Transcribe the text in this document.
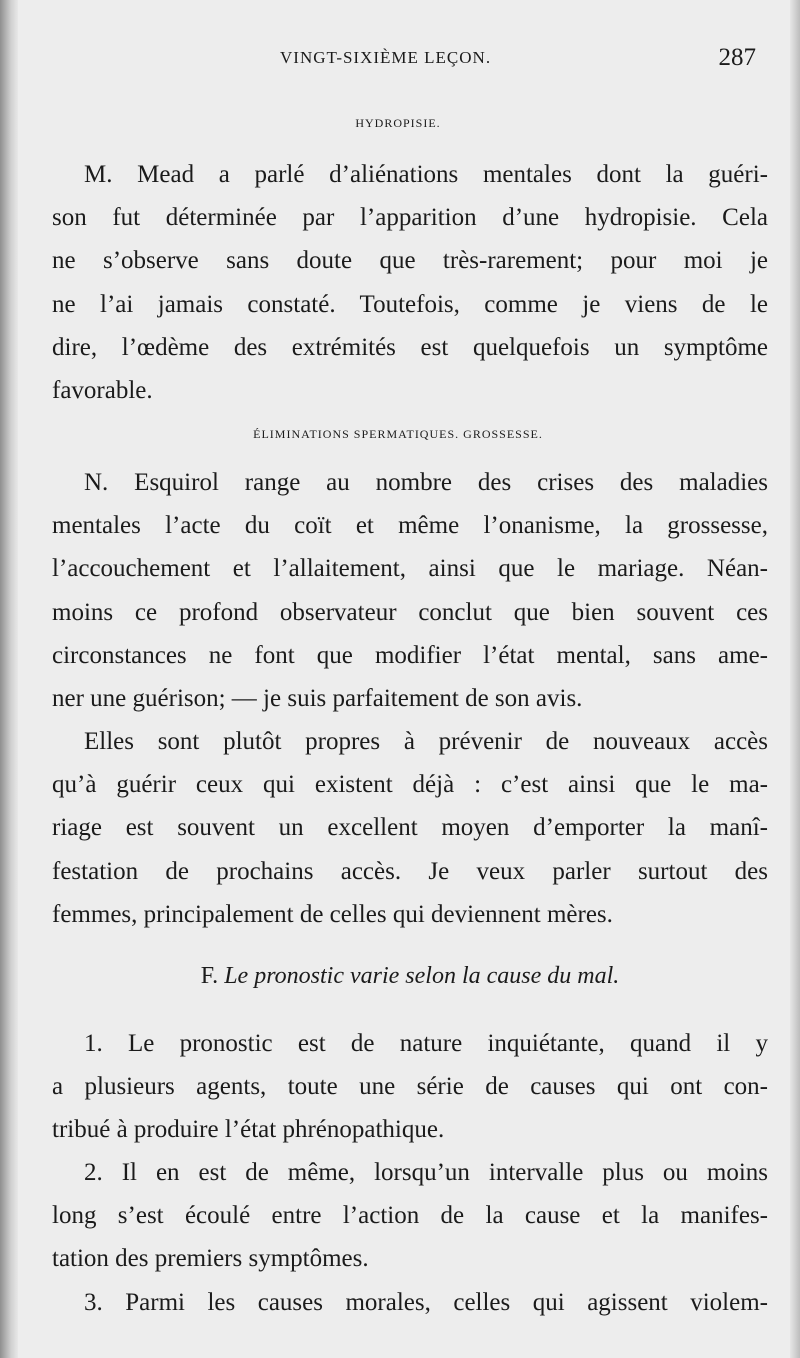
VINGT-SIXIÈME LEÇON.	287
HYDROPISIE.
M. Mead a parlé d’aliénations mentales dont la guéri-
son fut déterminée par l’apparition d’une hydropisie. Cela
ne s’observe sans doute que très-rarement; pour moi je
ne l’ai jamais constaté. Toutefois, comme je viens de le
dire, l’œdème des extrémités est quelquefois un symptôme
favorable.
ÉLIMINATIONS SPERMATIQUES. GROSSESSE.
N. Esquirol range au nombre des crises des maladies
mentales l’acte du coït et même l’onanisme, la grossesse,
l’accouchement et l’allaitement, ainsi que le mariage. Néan-
moins ce profond observateur conclut que bien souvent ces
circonstances ne font que modifier l’état mental, sans ame-
ner une guérison; — je suis parfaitement de son avis.
Elles sont plutôt propres à prévenir de nouveaux accès
qu’à guérir ceux qui existent déjà : c’est ainsi que le ma-
riage est souvent un excellent moyen d’emporter la manî-
festation de prochains accès. Je veux parler surtout des
femmes, principalement de celles qui deviennent mères.
F. Le pronostic varie selon la cause du mal.
1. Le pronostic est de nature inquiétante, quand il y
a plusieurs agents, toute une série de causes qui ont con-
tribué à produire l’état phrénopathique.
2. Il en est de même, lorsqu’un intervalle plus ou moins
long s’est écoulé entre l’action de la cause et la manifes-
tation des premiers symptômes.
3. Parmi les causes morales, celles qui agissent violem-
